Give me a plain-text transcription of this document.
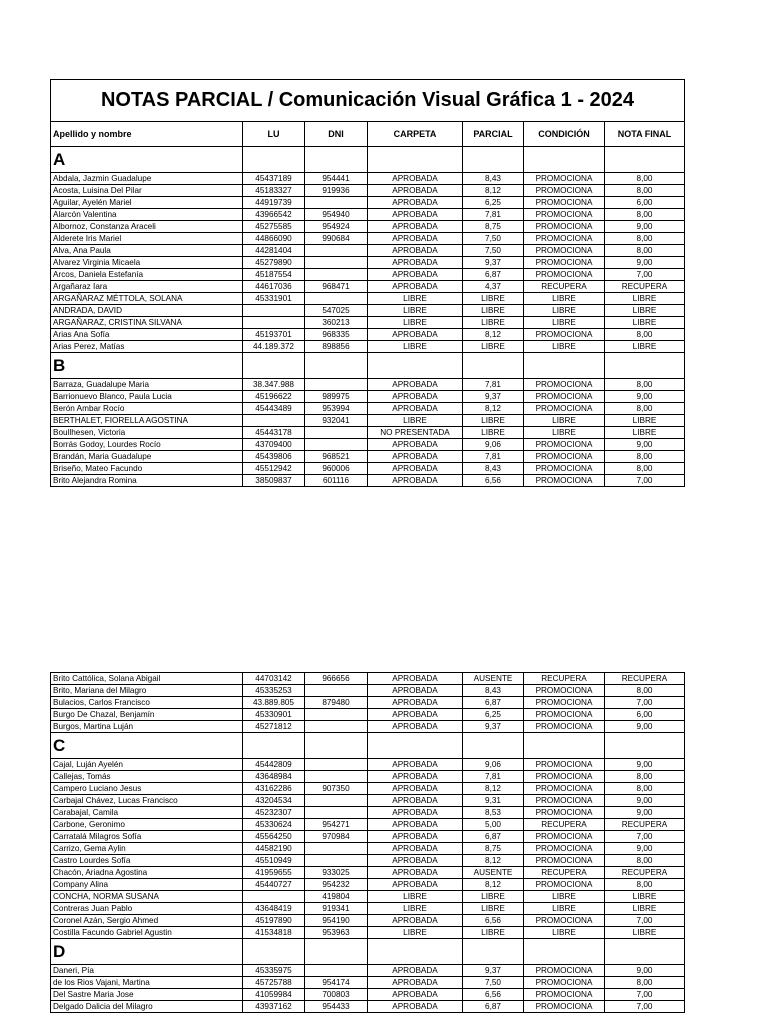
NOTAS PARCIAL / Comunicación Visual Gráfica 1 - 2024						
Apellido y nombre	LU	DNI	CARPETA	PARCIAL	CONDICIÓN	NOTA FINAL
A						
Abdala, Jazmin Guadalupe	45437189	954441	APROBADA	8,43	PROMOCIONA	8,00
Acosta, Luisina Del Pilar	45183327	919936	APROBADA	8,12	PROMOCIONA	8,00
Aguilar, Ayelén Mariel	44919739		APROBADA	6,25	PROMOCIONA	6,00
Alarcón Valentina	43966542	954940	APROBADA	7,81	PROMOCIONA	8,00
Albornoz, Constanza Araceli	45275585	954924	APROBADA	8,75	PROMOCIONA	9,00
Alderete Iris Mariel	44866090	990684	APROBADA	7,50	PROMOCIONA	8,00
Alva, Ana Paula	44281404		APROBADA	7,50	PROMOCIONA	8,00
Alvarez Virginia Micaela	45279890		APROBADA	9,37	PROMOCIONA	9,00
Arcos, Daniela Estefanía	45187554		APROBADA	6,87	PROMOCIONA	7,00
Argañaraz Iara	44617036	968471	APROBADA	4,37	RECUPERA	RECUPERA
ARGAÑARAZ MÉTTOLA, SOLANA	45331901		LIBRE	LIBRE	LIBRE	LIBRE
ANDRADA, DAVID		547025	LIBRE	LIBRE	LIBRE	LIBRE
ARGAÑARAZ, CRISTINA SILVANA		360213	LIBRE	LIBRE	LIBRE	LIBRE
Arias Ana Sofía	45193701	968335	APROBADA	8,12	PROMOCIONA	8,00
Arias Perez, Matías	44.189.372	898856	LIBRE	LIBRE	LIBRE	LIBRE
B						
Barraza, Guadalupe Maria	38.347.988		APROBADA	7,81	PROMOCIONA	8,00
Barrionuevo Blanco, Paula Lucia	45196622	989975	APROBADA	9,37	PROMOCIONA	9,00
Berón Ambar Rocío	45443489	953994	APROBADA	8,12	PROMOCIONA	8,00
BERTHALET, FIORELLA AGOSTINA		932041	LIBRE	LIBRE	LIBRE	LIBRE
Boullhesen, Victoria	45443178		NO PRESENTADA	LIBRE	LIBRE	LIBRE
Borrás Godoy, Lourdes Rocío	43709400		APROBADA	9,06	PROMOCIONA	9,00
Brandán, Maria Guadalupe	45439806	968521	APROBADA	7,81	PROMOCIONA	8,00
Briseño, Mateo Facundo	45512942	960006	APROBADA	8,43	PROMOCIONA	8,00
Brito Alejandra Romina	38509837	601116	APROBADA	6,56	PROMOCIONA	7,00
Brito Cattólica, Solana Abigail	44703142	966656	APROBADA	AUSENTE	RECUPERA	RECUPERA
Brito, Mariana del Milagro	45335253		APROBADA	8,43	PROMOCIONA	8,00
Bulacios, Carlos Francisco	43.889.805	879480	APROBADA	6,87	PROMOCIONA	7,00
Burgo De Chazal, Benjamín	45330901		APROBADA	6,25	PROMOCIONA	6,00
Burgos, Martina Luján	45271812		APROBADA	9,37	PROMOCIONA	9,00
C						
Cajal, Luján Ayelén	45442809		APROBADA	9,06	PROMOCIONA	9,00
Callejas, Tomás	43648984		APROBADA	7,81	PROMOCIONA	8,00
Campero Luciano Jesus	43162286	907350	APROBADA	8,12	PROMOCIONA	8,00
Carbajal Chávez, Lucas Francisco	43204534		APROBADA	9,31	PROMOCIONA	9,00
Carabajal, Camila	45232307		APROBADA	8,53	PROMOCIONA	9,00
Carbone, Geronimo	45330624	954271	APROBADA	5,00	RECUPERA	RECUPERA
Carratalá Milagros Sofía	45564250	970984	APROBADA	6,87	PROMOCIONA	7,00
Carrizo, Gema Aylin	44582190		APROBADA	8,75	PROMOCIONA	9,00
Castro Lourdes Sofía	45510949		APROBADA	8,12	PROMOCIONA	8,00
Chacón, Ariadna Agostina	41959655	933025	APROBADA	AUSENTE	RECUPERA	RECUPERA
Company Alina	45440727	954232	APROBADA	8,12	PROMOCIONA	8,00
CONCHA, NORMA SUSANA		419804	LIBRE	LIBRE	LIBRE	LIBRE
Contreras Juan Pablo	43648419	919341	LIBRE	LIBRE	LIBRE	LIBRE
Coronel Azán, Sergio Ahmed	45197890	954190	APROBADA	6,56	PROMOCIONA	7,00
Costilla Facundo Gabriel Agustin	41534818	953963	LIBRE	LIBRE	LIBRE	LIBRE
D						
Daneri, Pía	45335975		APROBADA	9,37	PROMOCIONA	9,00
de los Rios Vajani, Martina	45725788	954174	APROBADA	7,50	PROMOCIONA	8,00
Del Sastre Maria Jose	41059984	700803	APROBADA	6,56	PROMOCIONA	7,00
Delgado Dalicia del Milagro	43937162	954433	APROBADA	6,87	PROMOCIONA	7,00
